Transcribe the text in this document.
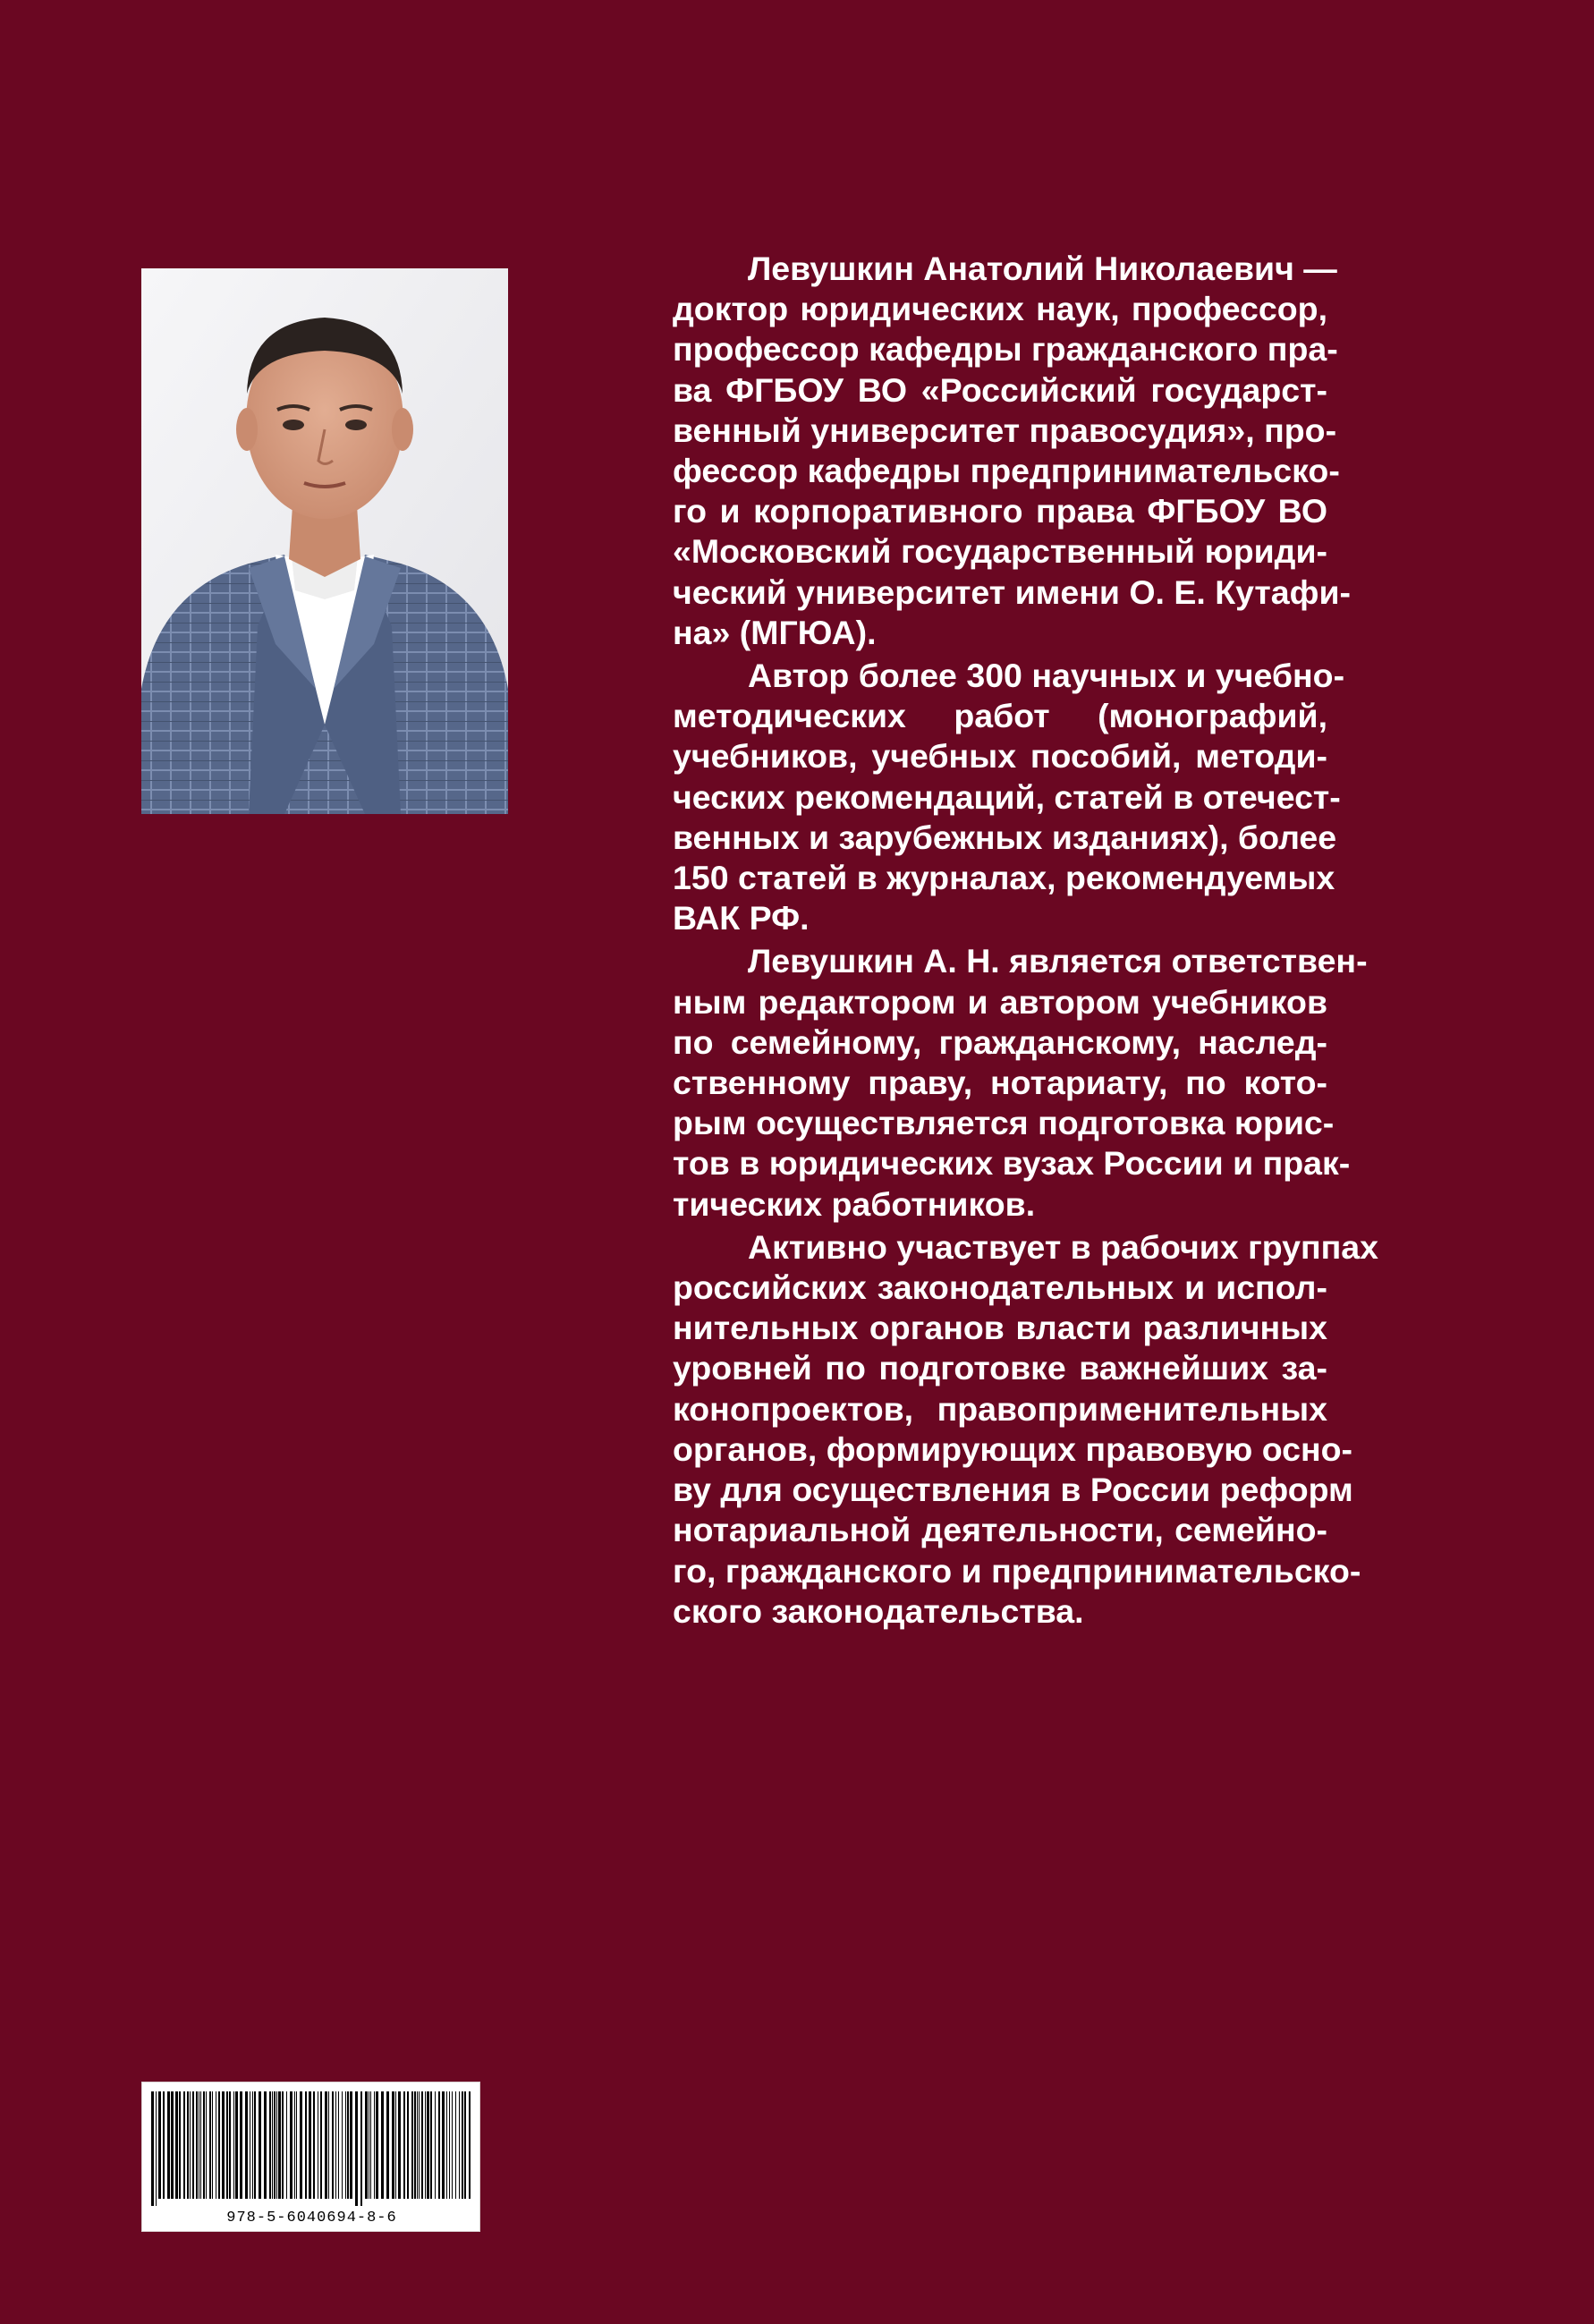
Левушкин Анатолий Николаевич —
доктор юридических наук, профессор,
профессор кафедры гражданского пра-
ва ФГБОУ ВО «Российский государст-
венный университет правосудия», про-
фессор кафедры предпринимательско-
го и корпоративного права ФГБОУ ВО
«Московский государственный юриди-
ческий университет имени О. Е. Кутафи-
на» (МГЮА).

Автор более 300 научных и учебно-
методических работ (монографий,
учебников, учебных пособий, методи-
ческих рекомендаций, статей в отечест-
венных и зарубежных изданиях), более
150 статей в журналах, рекомендуемых
ВАК РФ.

Левушкин А. Н. является ответствен-
ным редактором и автором учебников
по семейному, гражданскому, наслед-
ственному праву, нотариату, по кото-
рым осуществляется подготовка юрис-
тов в юридических вузах России и прак-
тических работников.

Активно участвует в рабочих группах
российских законодательных и испол-
нительных органов власти различных
уровней по подготовке важнейших за-
конопроектов, правоприменительных
органов, формирующих правовую осно-
ву для осуществления в России реформ
нотариальной деятельности, семейно-
го, гражданского и предпринимательско-
ского законодательства.

978-5-6040694-8-6
